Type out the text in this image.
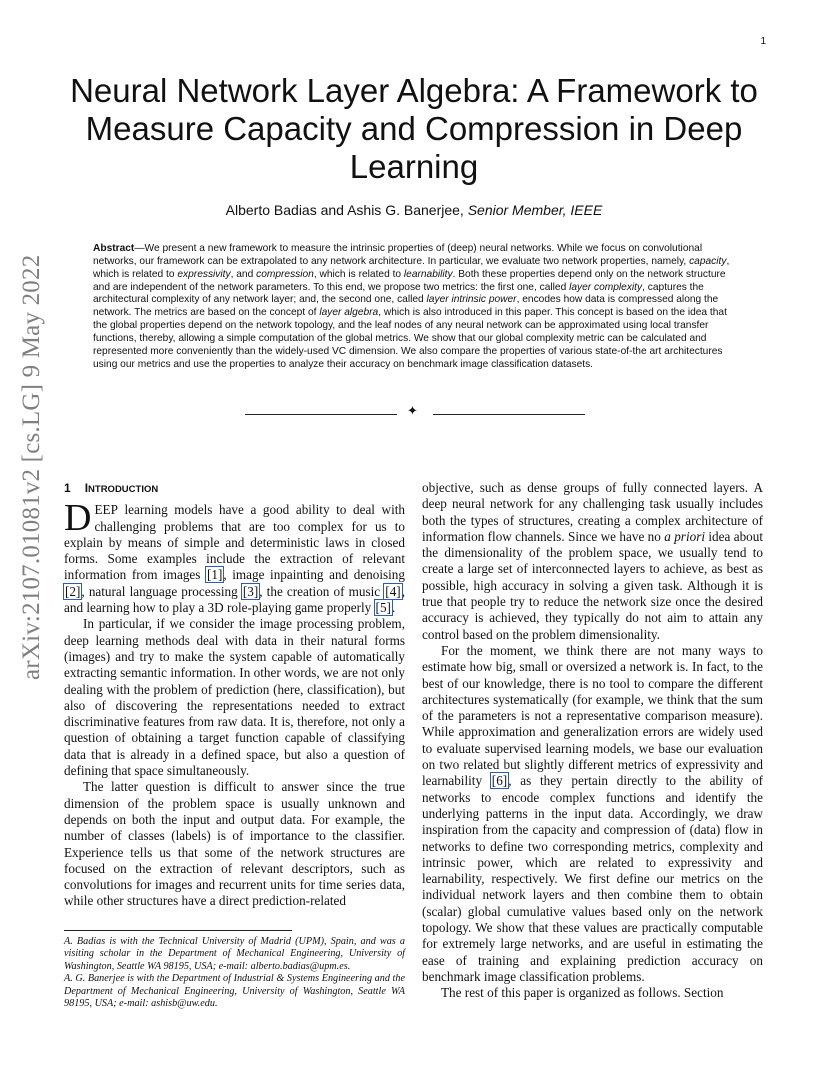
1
arXiv:2107.01081v2 [cs.LG] 9 May 2022
Neural Network Layer Algebra: A Framework to Measure Capacity and Compression in Deep Learning
Alberto Badias and Ashis G. Banerjee, Senior Member, IEEE

Abstract—We present a new framework to measure the intrinsic properties of (deep) neural networks. While we focus on convolutional networks, our framework can be extrapolated to any network architecture. In particular, we evaluate two network properties, namely, capacity, which is related to expressivity, and compression, which is related to learnability. Both these properties depend only on the network structure and are independent of the network parameters. To this end, we propose two metrics: the first one, called layer complexity, captures the architectural complexity of any network layer; and, the second one, called layer intrinsic power, encodes how data is compressed along the network. The metrics are based on the concept of layer algebra, which is also introduced in this paper. This concept is based on the idea that the global properties depend on the network topology, and the leaf nodes of any neural network can be approximated using local transfer functions, thereby, allowing a simple computation of the global metrics. We show that our global complexity metric can be calculated and represented more conveniently than the widely-used VC dimension. We also compare the properties of various state-of-the art architectures using our metrics and use the properties to analyze their accuracy on benchmark image classification datasets.

✦
1 INTRODUCTION

DEEP learning models have a good ability to deal with challenging problems that are too complex for us to explain by means of simple and deterministic laws in closed forms. Some examples include the extraction of relevant information from images [1], image inpainting and denoising [2], natural language processing [3], the creation of music [4], and learning how to play a 3D role-playing game properly [5].

In particular, if we consider the image processing problem, deep learning methods deal with data in their natural forms (images) and try to make the system capable of automatically extracting semantic information. In other words, we are not only dealing with the problem of prediction (here, classification), but also of discovering the representations needed to extract discriminative features from raw data. It is, therefore, not only a question of obtaining a target function capable of classifying data that is already in a defined space, but also a question of defining that space simultaneously.

The latter question is difficult to answer since the true dimension of the problem space is usually unknown and depends on both the input and output data. For example, the number of classes (labels) is of importance to the classifier. Experience tells us that some of the network structures are focused on the extraction of relevant descriptors, such as convolutions for images and recurrent units for time series data, while other structures have a direct prediction-related

A. Badias is with the Technical University of Madrid (UPM), Spain, and was a visiting scholar in the Department of Mechanical Engineering, University of Washington, Seattle WA 98195, USA; e-mail: alberto.badias@upm.es.

A. G. Banerjee is with the Department of Industrial & Systems Engineering and the Department of Mechanical Engineering, University of Washington, Seattle WA 98195, USA; e-mail: ashisb@uw.edu.

objective, such as dense groups of fully connected layers. A deep neural network for any challenging task usually includes both the types of structures, creating a complex architecture of information flow channels. Since we have no a priori idea about the dimensionality of the problem space, we usually tend to create a large set of interconnected layers to achieve, as best as possible, high accuracy in solving a given task. Although it is true that people try to reduce the network size once the desired accuracy is achieved, they typically do not aim to attain any control based on the problem dimensionality.

For the moment, we think there are not many ways to estimate how big, small or oversized a network is. In fact, to the best of our knowledge, there is no tool to compare the different architectures systematically (for example, we think that the sum of the parameters is not a representative comparison measure). While approximation and generalization errors are widely used to evaluate supervised learning models, we base our evaluation on two related but slightly different metrics of expressivity and learnability [6], as they pertain directly to the ability of networks to encode complex functions and identify the underlying patterns in the input data. Accordingly, we draw inspiration from the capacity and compression of (data) flow in networks to define two corresponding metrics, complexity and intrinsic power, which are related to expressivity and learnability, respectively. We first define our metrics on the individual network layers and then combine them to obtain (scalar) global cumulative values based only on the network topology. We show that these values are practically computable for extremely large networks, and are useful in estimating the ease of training and explaining prediction accuracy on benchmark image classification problems.

The rest of this paper is organized as follows. Section
